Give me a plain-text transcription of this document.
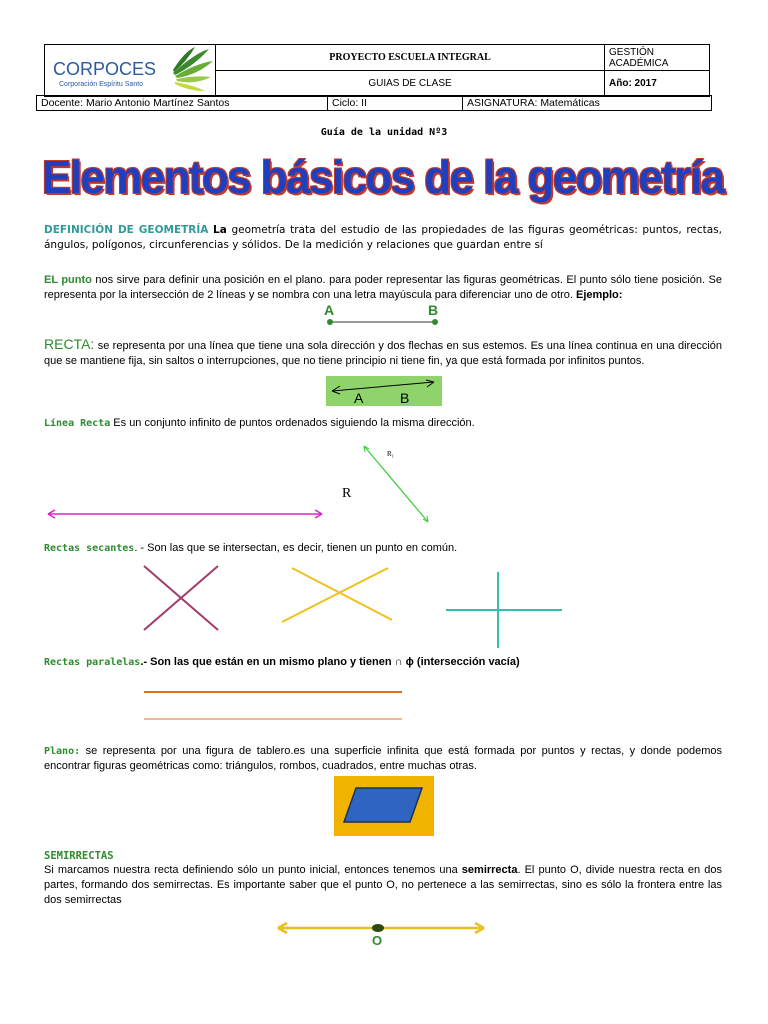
CORPOCES
Corporación Espíritu Santo	PROYECTO ESCUELA INTEGRAL	GESTIÓN ACADÉMICA
	GUIAS DE CLASE	Año: 2017
Docente: Mario Antonio Martínez Santos	Ciclo: II	ASIGNATURA: Matemáticas
Guía de la unidad Nº3
Elementos básicos de la geometría
DEFINICIÓN DE GEOMETRÍA La geometría trata del estudio de las propiedades de las figuras geométricas: puntos, rectas, ángulos, polígonos, circunferencias y sólidos. De la medición y relaciones que guardan entre sí
EL punto nos sirve para definir una posición en el plano. para poder representar las figuras geométricas. El punto sólo tiene posición. Se representa por la intersección de 2 líneas y se nombra con una letra mayúscula para diferenciar uno de otro. Ejemplo:
A	B
RECTA: se representa por una línea que tiene una sola dirección y dos flechas en sus estemos. Es una línea continua en una dirección que se mantiene fija, sin saltos o interrupciones, que no tiene principio ni tiene fin, ya que está formada por infinitos puntos.
A	B
Línea Recta Es un conjunto infinito de puntos ordenados siguiendo la misma dirección.
R
R₁
Rectas secantes. - Son las que se intersectan, es decir, tienen un punto en común.
Rectas paralelas.- Son las que están en un mismo plano y tienen ∩ ϕ (intersección vacía)
Plano: se representa por una figura de tablero.es una superficie infinita que está formada por puntos y rectas, y donde podemos encontrar figuras geométricas como: triángulos, rombos, cuadrados, entre muchas otras.
SEMIRRECTAS
Si marcamos nuestra recta definiendo sólo un punto inicial, entonces tenemos una semirrecta. El punto O, divide nuestra recta en dos partes, formando dos semirrectas. Es importante saber que el punto O, no pertenece a las semirrectas, sino es sólo la frontera entre las dos semirrectas
O
